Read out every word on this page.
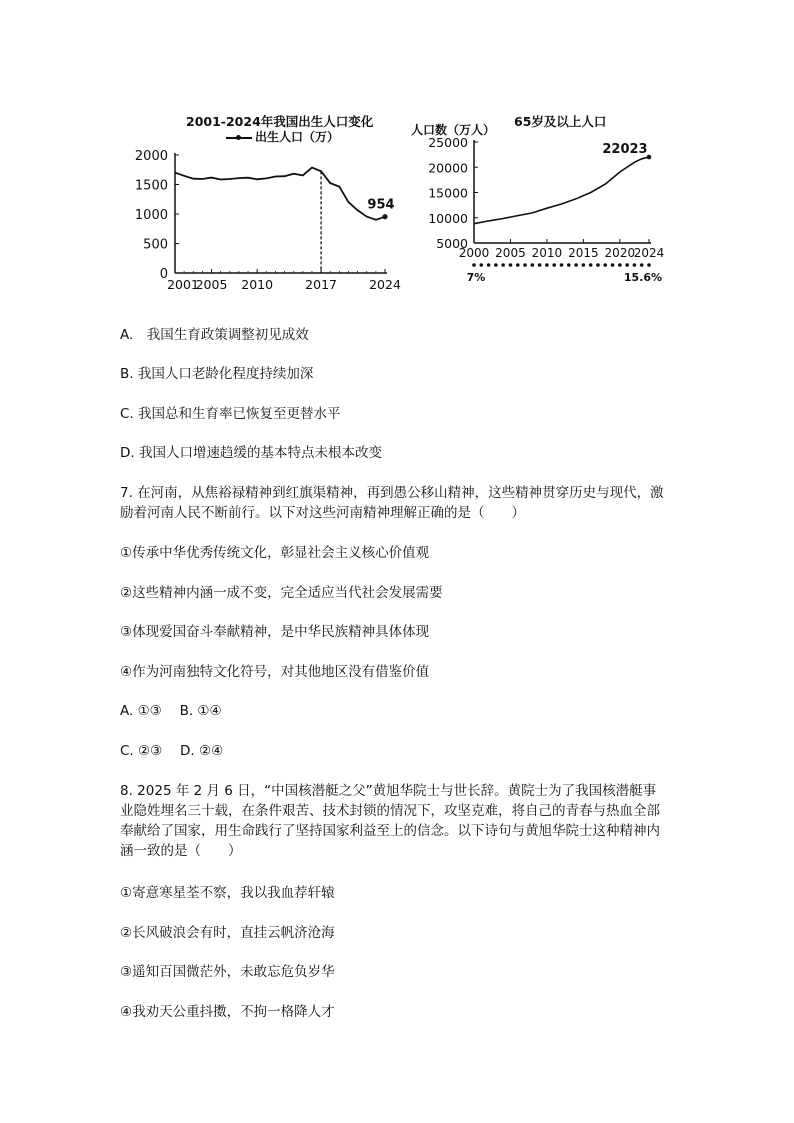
2001-2024年我国出生人口变化
出生人口（万）
0
500
1000
1500
2000
2001
2005 2010	2017	2024
954
65岁及以上人口
人口数（万人）
5000
10000
15000
20000
25000
2000 2005 2010 2015 2020
2024
7%	15.6%
22023
A.　我国生育政策调整初见成效
B. 我国人口老龄化程度持续加深
C. 我国总和生育率已恢复至更替水平
D. 我国人口增速趋缓的基本特点未根本改变
7. 在河南，从焦裕禄精神到红旗渠精神，再到愚公移山精神，这些精神贯穿历史与现代，激励着河南人民不断前行。以下对这些河南精神理解正确的是（　　）
①传承中华优秀传统文化，彰显社会主义核心价值观
②这些精神内涵一成不变，完全适应当代社会发展需要
③体现爱国奋斗奉献精神，是中华民族精神具体体现
④作为河南独特文化符号，对其他地区没有借鉴价值
A. ①③　 B. ①④
C. ②③　 D. ②④
8. 2025 年 2 月 6 日，“中国核潜艇之父”黄旭华院士与世长辞。黄院士为了我国核潜艇事业隐姓埋名三十载，在条件艰苦、技术封锁的情况下，攻坚克难，将自己的青春与热血全部奉献给了国家，用生命践行了坚持国家利益至上的信念。以下诗句与黄旭华院士这种精神内涵一致的是（　　）
①寄意寒星荃不察，我以我血荐轩辕
②长风破浪会有时，直挂云帆济沧海
③遥知百国微茫外，未敢忘危负岁华
④我劝天公重抖擞，不拘一格降人才
